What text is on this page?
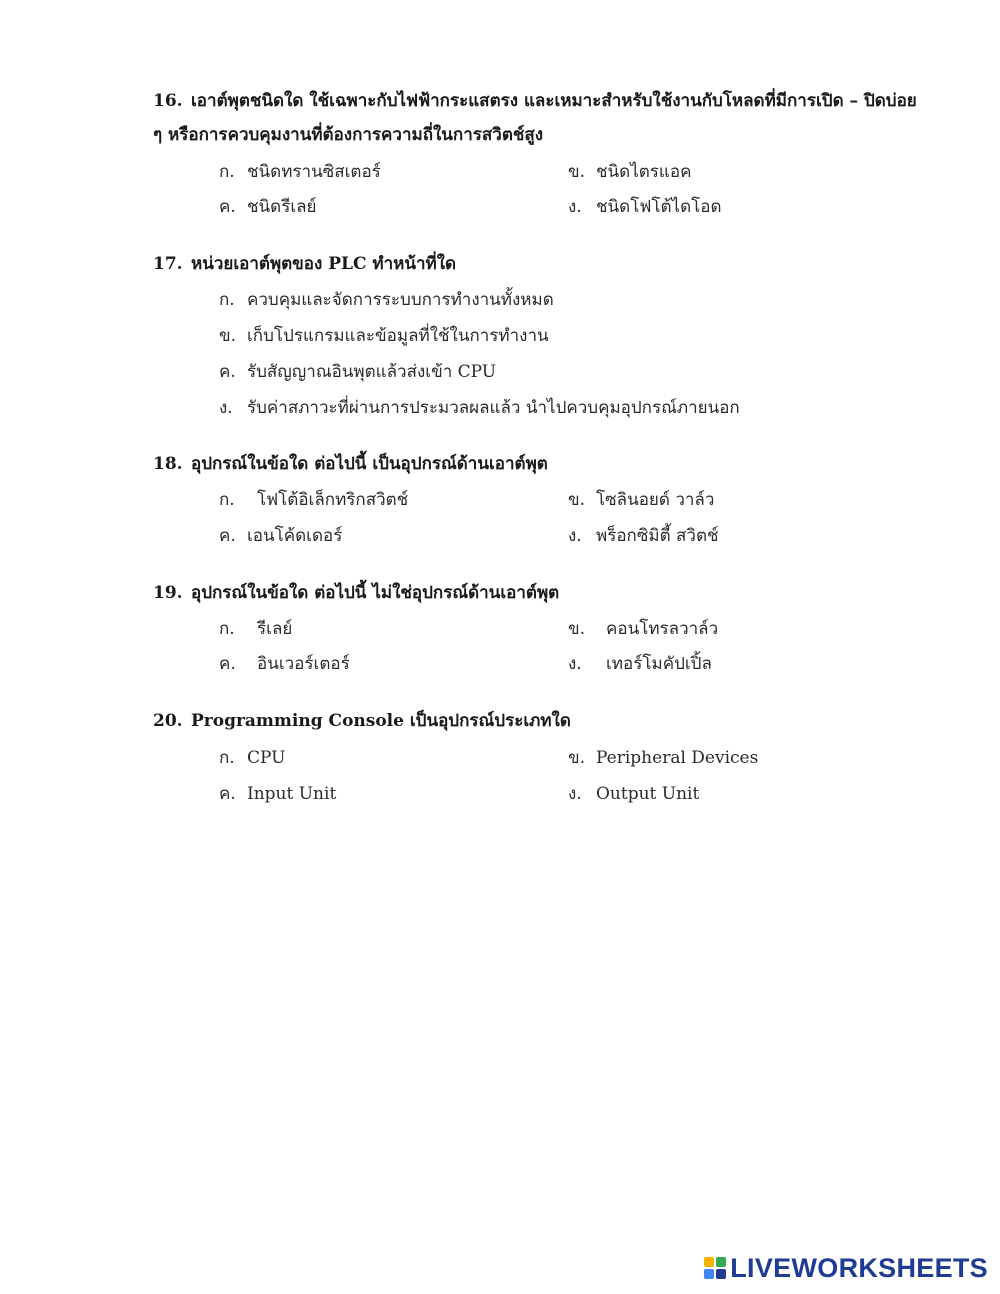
16. เอาต์พุตชนิดใด ใช้เฉพาะกับไฟฟ้ากระแสตรง และเหมาะสำหรับใช้งานกับโหลดที่มีการเปิด – ปิดบ่อย
ๆ หรือการควบคุมงานที่ต้องการความถี่ในการสวิตช์สูง
ก. ชนิดทรานซิสเตอร์	ข. ชนิดไตรแอค
ค. ชนิดรีเลย์	ง. ชนิดโฟโต้ไดโอด
17. หน่วยเอาต์พุตของ PLC ทำหน้าที่ใด
ก. ควบคุมและจัดการระบบการทำงานทั้งหมด
ข. เก็บโปรแกรมและข้อมูลที่ใช้ในการทำงาน
ค. รับสัญญาณอินพุตแล้วส่งเข้า CPU
ง. รับค่าสภาวะที่ผ่านการประมวลผลแล้ว นำไปควบคุมอุปกรณ์ภายนอก
18. อุปกรณ์ในข้อใด ต่อไปนี้ เป็นอุปกรณ์ด้านเอาต์พุต
ก. โฟโต้อิเล็กทริกสวิตช์	ข. โซลินอยด์ วาล์ว
ค. เอนโค้ดเดอร์	ง. พร็อกซิมิตี้ สวิตช์
19. อุปกรณ์ในข้อใด ต่อไปนี้ ไม่ใช่อุปกรณ์ด้านเอาต์พุต
ก. รีเลย์	ข. คอนโทรลวาล์ว
ค. อินเวอร์เตอร์	ง. เทอร์โมคัปเปิ้ล
20. Programming Console เป็นอุปกรณ์ประเภทใด
ก. CPU	ข. Peripheral Devices
ค. Input Unit	ง. Output Unit
LIVEWORKSHEETS
